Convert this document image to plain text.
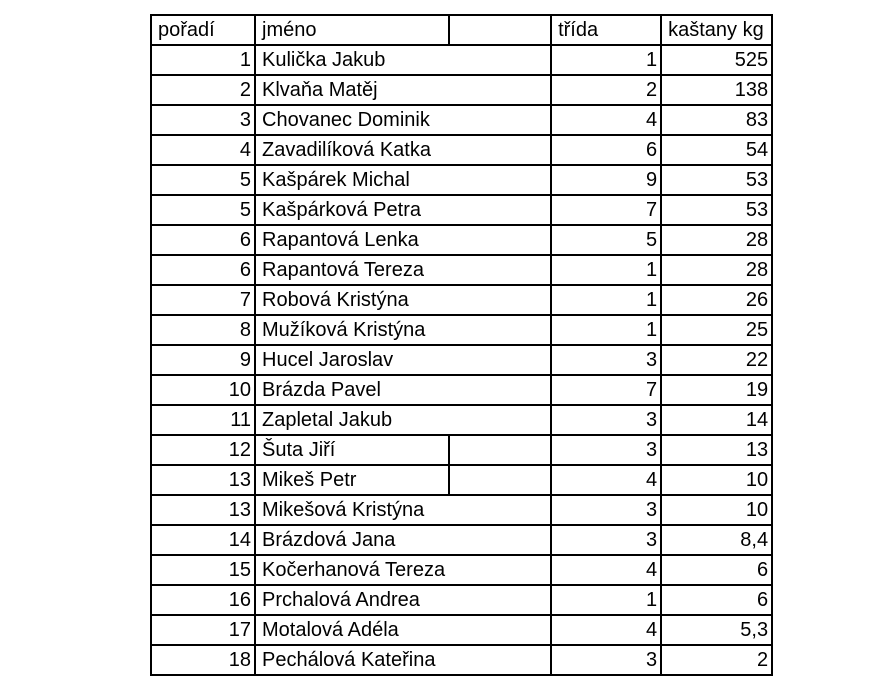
pořadí	jméno		třída	kaštany kg
1	Kulička Jakub		1	525
2	Klvaňa Matěj		2	138
3	Chovanec Dominik		4	83
4	Zavadilíková Katka		6	54
5	Kašpárek Michal		9	53
5	Kašpárková Petra		7	53
6	Rapantová Lenka		5	28
6	Rapantová Tereza		1	28
7	Robová Kristýna		1	26
8	Mužíková Kristýna		1	25
9	Hucel Jaroslav		3	22
10	Brázda Pavel		7	19
11	Zapletal Jakub		3	14
12	Šuta Jiří		3	13
13	Mikeš Petr		4	10
13	Mikešová Kristýna		3	10
14	Brázdová Jana		3	8,4
15	Kočerhanová Tereza		4	6
16	Prchalová Andrea		1	6
17	Motalová Adéla		4	5,3
18	Pechálová Kateřina		3	2
